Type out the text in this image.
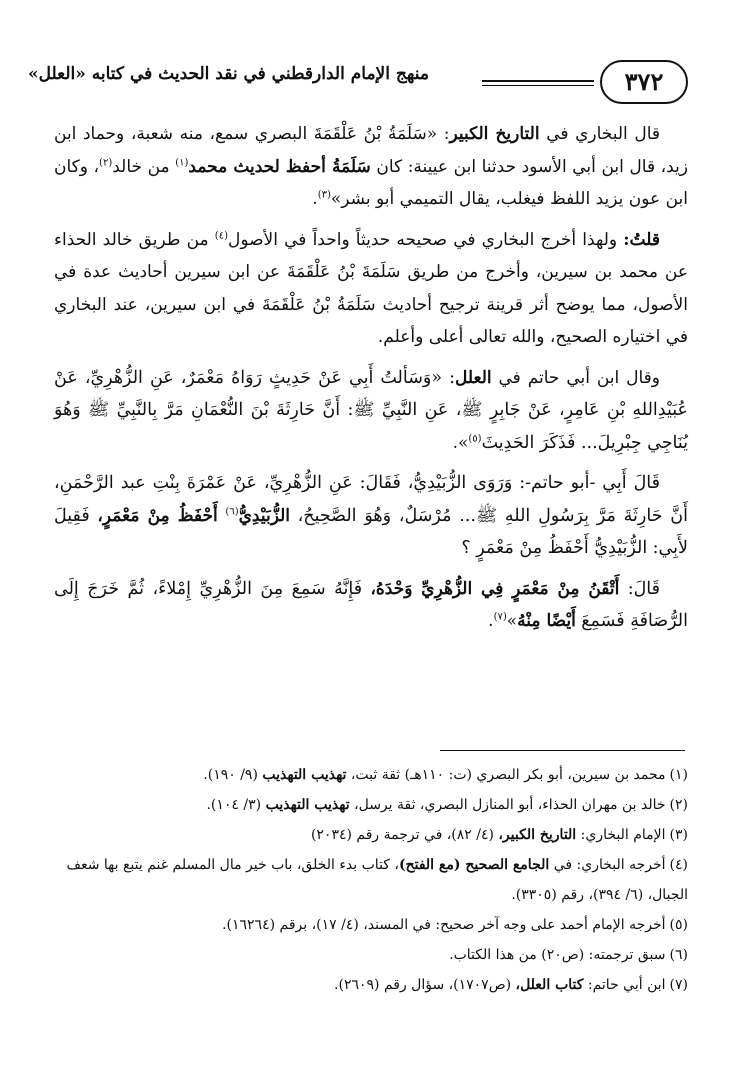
٣٧٢
منهج الإمام الدارقطني في نقد الحديث في كتابه «العلل»

قال البخاري في التاريخ الكبير: «سَلَمَةُ بْنُ عَلْقَمَةَ البصري سمع، منه شعبة، وحماد ابن زيد، قال ابن أبي الأسود حدثنا ابن عيينة: كان سَلَمَةُ أحفظ لحديث محمد$^{(١)}$ من خالد$^{(٢)}$، وكان ابن عون يزيد اللفظ فيغلب، يقال التميمي أبو بشر»$^{(٣)}$.

قلتُ: ولهذا أخرج البخاري في صحيحه حديثاً واحداً في الأصول$^{(٤)}$ من طريق خالد الحذاء عن محمد بن سيرين، وأخرج من طريق سَلَمَةَ بْنُ عَلْقَمَةَ عن ابن سيرين أحاديث عدة في الأصول، مما يوضح أثر قرينة ترجيح أحاديث سَلَمَةُ بْنُ عَلْقَمَةَ في ابن سيرين، عند البخاري في اختياره الصحيح، والله تعالى أعلى وأعلم.

وقال ابن أبي حاتم في العلل: «وَسَألتُ أَبِي عَنْ حَدِيثٍ رَوَاهُ مَعْمَرٌ، عَنِ الزُّهْرِيِّ، عَنْ عُبَيْدِاللهِ بْنِ عَامِرٍ، عَنْ جَابِرٍ ﷺ، عَنِ النَّبِيِّ ﷺ: أَنَّ حَارِثَةَ بْنَ النُّعْمَانِ مَرَّ بِالنَّبِيِّ ﷺ وَهُوَ يُنَاجِي جِبْرِيلَ... فَذَكَرَ الحَدِيثَ$^{(٥)}$».

قَالَ أَبِي -أبو حاتم-: وَرَوَى الزُّبَيْدِيُّ، فَقَالَ: عَنِ الزُّهْرِيِّ، عَنْ عَمْرَةَ بِنْتِ عبد الرَّحْمَنِ، أَنَّ حَارِثَةَ مَرَّ بِرَسُولِ اللهِ ﷺ... مُرْسَلٌ، وَهُوَ الصَّحِيحُ، الزُّبَيْدِيُّ$^{(٦)}$ أَحْفَظُ مِنْ مَعْمَرٍ، فَقِيلَ لأَبِي: الزُّبَيْدِيُّ أَحْفَظُ مِنْ مَعْمَرٍ ؟

قَالَ: أَتْقَنُ مِنْ مَعْمَرٍ فِي الزُّهْرِيِّ وَحْدَهُ، فَإِنَّهُ سَمِعَ مِنَ الزُّهْرِيِّ إِمْلاءً، ثُمَّ خَرَجَ إِلَى الرُّصَافَةِ فَسَمِعَ أَيْضًا مِنْهُ»$^{(٧)}$.

(١)محمد بن سيرين، أبو بكر البصري (ت: ١١٠هـ) ثقة ثبت، تهذيب التهذيب (٩/ ١٩٠).

(٢)خالد بن مهران الحذاء، أبو المنازل البصري، ثقة يرسل، تهذيب التهذيب (٣/ ١٠٤).

(٣)الإمام البخاري: التاريخ الكبير، (٤/ ٨٢)، في ترجمة رقم (٢٠٣٤)

(٤)أخرجه البخاري: في الجامع الصحيح (مع الفتح)، كتاب بدء الخلق، باب خير مال المسلم غنم يتبع بها شعف الجبال، (٦/ ٣٩٤)، رقم (٣٣٠٥).

(٥)أخرجه الإمام أحمد على وجه آخر صحيح: في المسند، (٤/ ١٧)، برقم (١٦٢٦٤).

(٦)سبق ترجمته: (ص٢٠) من هذا الكتاب.

(٧)ابن أبي حاتم: كتاب العلل، (ص١٧٠٧)، سؤال رقم (٢٦٠٩).
